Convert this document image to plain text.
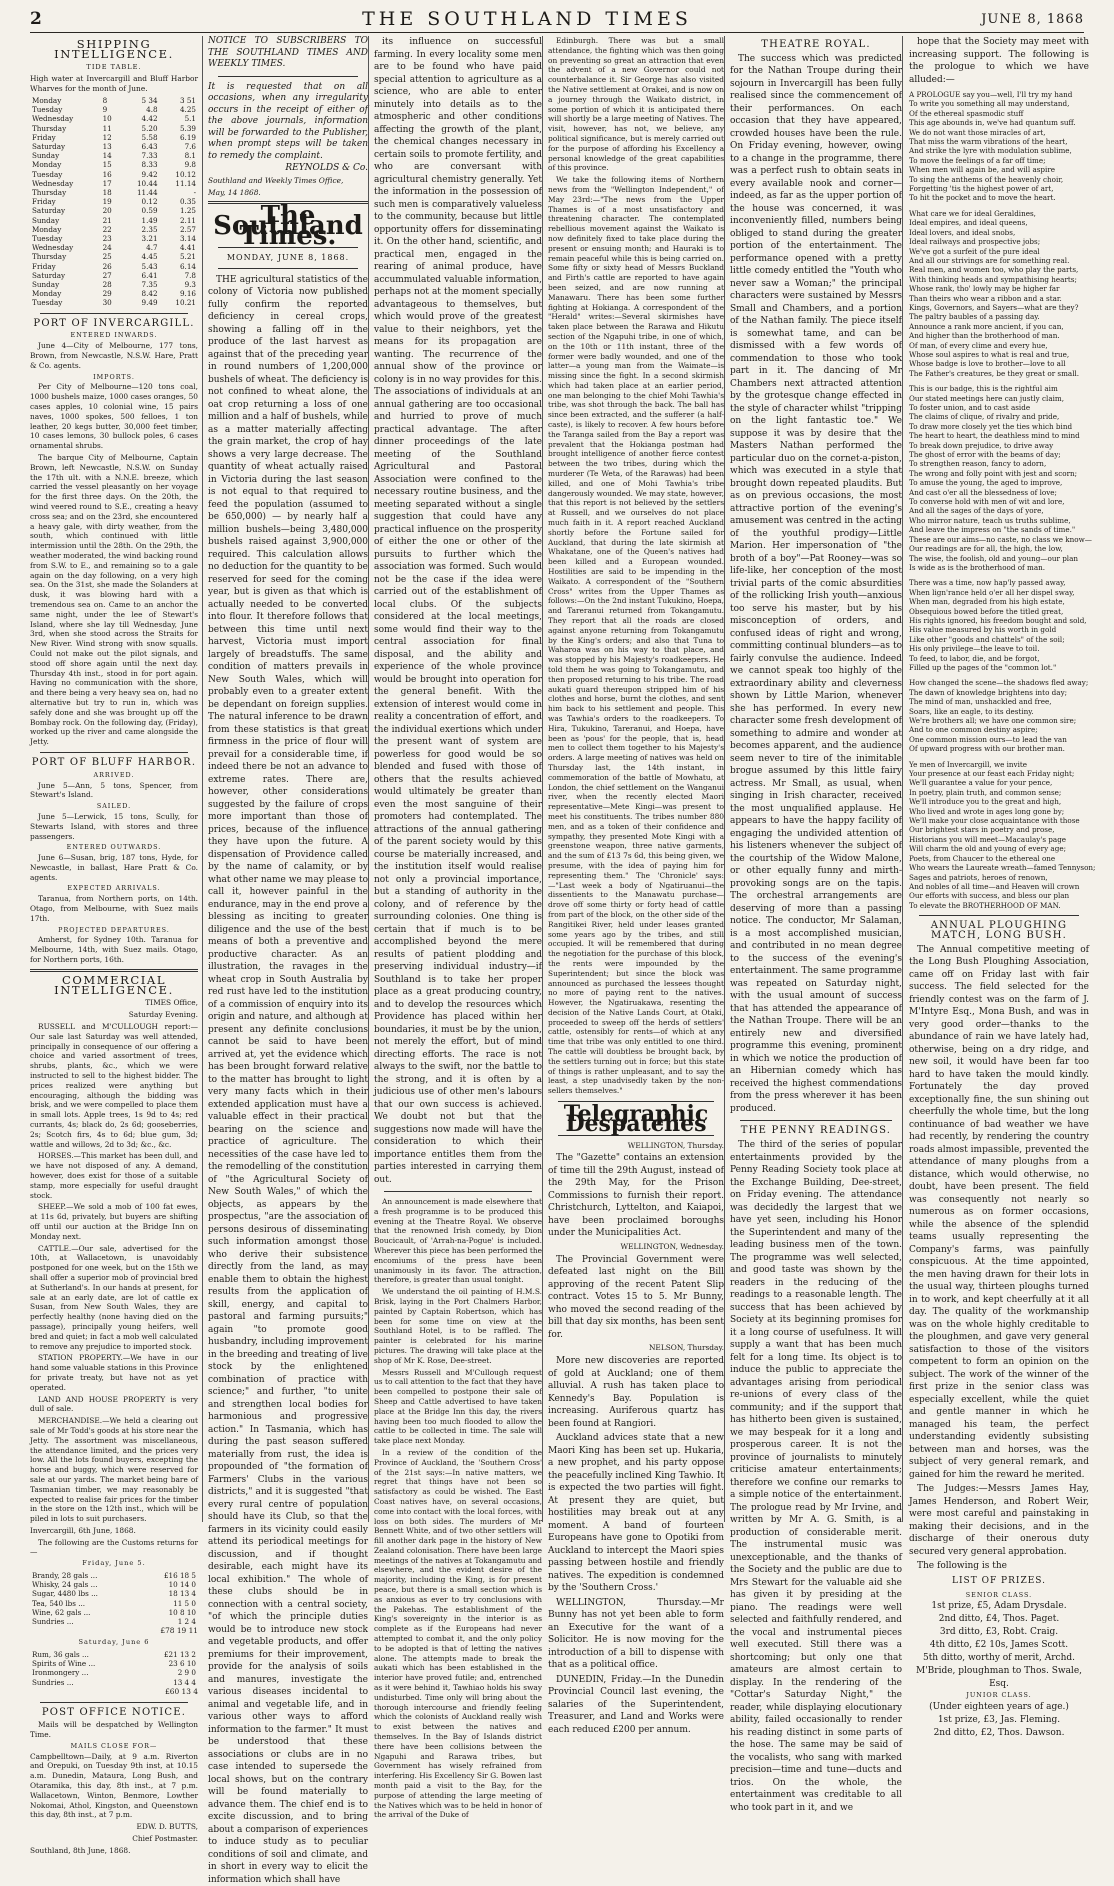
2	THE SOUTHLAND TIMES	JUNE 8, 1868
SHIPPING INTELLIGENCE.
TIDE TABLE.

High water at Invercargill and Bluff Harbor Wharves for the month of June.

Monday	8	5 34	3 51
Tuesday	9	4.8	4.25
Wednesday	10	4.42	5.1
Thursday	11	5.20	5.39
Friday	12	5.58	6.19
Saturday	13	6.43	7.6
Sunday	14	7.33	8.1
Monday	15	8.33	9.8
Tuesday	16	9.42	10.12
Wednesday	17	10.44	11.14
Thursday	18	11.44	-
Friday	19	0.12	0.35
Saturday	20	0.59	1.25
Sunday	21	1.49	2.11
Monday	22	2.35	2.57
Tuesday	23	3.21	3.14
Wednesday	24	4.7	4.41
Thursday	25	4.45	5.21
Friday	26	5.43	6.14
Saturday	27	6.41	7.8
Sunday	28	7.35	9.3
Monday	29	8.42	9.16
Tuesday	30	9.49	10.21
PORT OF INVERCARGILL.
ENTERED INWARDS.

June 4—City of Melbourne, 177 tons, Brown, from Newcastle, N.S.W. Hare, Pratt & Co. agents.

IMPORTS.

Per City of Melbourne—120 tons coal, 1000 bushels maize, 1000 cases oranges, 50 cases apples, 10 colonial wine, 15 pairs naves, 1000 spokes, 500 felloes, 1 ton leather, 20 kegs butter, 30,000 feet timber, 10 cases lemons, 30 bullock poles, 6 cases ornamental shrubs.

The barque City of Melbourne, Captain Brown, left Newcastle, N.S.W. on Sunday the 17th ult. with a N.N.E. breeze, which carried the vessel pleasantly on her voyage for the first three days. On the 20th, the wind veered round to S.E., creating a heavy cross sea; and on the 23rd, she encountered a heavy gale, with dirty weather, from the south, which continued with little intermission until the 28th. On the 29th, the weather moderated, the wind backing round from S.W. to E., and remaining so to a gale again on the day following, on a very high sea. On the 31st, she made the Solanders at dusk, it was blowing hard with a tremendous sea on. Came to an anchor the same night, under the lee of Stewart's Island, where she lay till Wednesday, June 3rd, when she stood across the Straits for New River. Wind strong with snow squalls. Could not make out the pilot signals, and stood off shore again until the next day. Thursday 4th inst., stood in for port again. Having no communication with the shore, and there being a very heavy sea on, had no alternative but try to run in, which was safely done and she was brought up off the Bombay rock. On the following day, (Friday), worked up the river and came alongside the Jetty.

PORT OF BLUFF HARBOR.
ARRIVED.

June 5—Ann, 5 tons, Spencer, from Stewart's Island.

SAILED.

June 5—Lerwick, 15 tons, Scully, for Stewarts Island, with stores and three passengers.

ENTERED OUTWARDS.

June 6—Susan, brig, 187 tons, Hyde, for Newcastle, in ballast, Hare Pratt & Co. agents.

EXPECTED ARRIVALS.

Taranua, from Northern ports, on 14th. Otago, from Melbourne, with Suez mails 17th.

PROJECTED DEPARTURES.

Amherst, for Sydney 10th. Taranua for Melbourne, 14th, with Suez mails. Otago, for Northern ports, 16th.

COMMERCIAL INTELLIGENCE.

TIMES Office,

Saturday Evening.

RUSSELL and M'CULLOUGH report:— Our sale last Saturday was well attended, principally in consequence of our offering a choice and varied assortment of trees, shrubs, plants, &c., which we were instructed to sell to the highest bidder. The prices realized were anything but encouraging, although the bidding was brisk, and we were compelled to place them in small lots. Apple trees, 1s 9d to 4s; red currants, 4s; black do, 2s 6d; gooseberries, 2s; Scotch firs, 4s to 6d; blue gum, 3d; wattle and willows, 2d to 3d; &c., &c.

HORSES.—This market has been dull, and we have not disposed of any. A demand, however, does exist for those of a suitable stamp, more especially for useful draught stock.

SHEEP.—We sold a mob of 100 fat ewes, at 11s 6d, privately, but buyers are shifting off until our auction at the Bridge Inn on Monday next.

CATTLE.—Our sale, advertised for the 10th, at Wallacetown, is unavoidably postponed for one week, but on the 15th we shall offer a superior mob of provincial bred at Sutherland's. In our hands at present, for sale at an early date, are lot of cattle ex Susan, from New South Wales, they are perfectly healthy (none having died on the passage), principally young heifers, well bred and quiet; in fact a mob well calculated to remove any prejudice to imported stock.

STATION PROPERTY.—We have in our hand some valuable stations in this Province for private treaty, but have not as yet operated.

LAND AND HOUSE PROPERTY is very dull of sale.

MERCHANDISE.—We held a clearing out sale of Mr Todd's goods at his store near the Jetty. The assortment was miscellaneous, the attendance limited, and the prices very low. All the lots found buyers, excepting the horse and buggy, which were reserved for sale at our yards. The market being bare of Tasmanian timber, we may reasonably be expected to realise fair prices for the timber in the store on the 12th inst., which will be piled in lots to suit purchasers.

Invercargill, 6th June, 1868.

The following are the Customs returns for—

Friday, June 5.
Brandy, 28 gals ...	£16 18 5
Whisky, 24 gals ...	10 14 0
Sugar, 4480 lbs ...	18 13 4
Tea, 540 lbs ...	11 5 0
Wine, 62 gals ...	10 8 10
Sundries ...	1 2 4

£78 19 11

Saturday, June 6
Rum, 36 gals ...	£21 13 2
Spirits of Wine ...	23 6 10
Ironmongery ...	2 9 0
Sundries ...	13 4 4

£60 13 4

POST OFFICE NOTICE.

Mails will be despatched by Wellington Time.

MAILS CLOSE FOR—

Campbelltown—Daily, at 9 a.m. Riverton and Orepuki, on Tuesday 9th inst, at 10.15 a.m. Dunedin, Mataura, Long Bush, and Otaramika, this day, 8th inst., at 7 p.m. Wallacetown, Winton, Benmore, Lowther Nokomai, Athol, Kingston, and Queenstown this day, 8th inst., at 7 p.m.

EDW. D. BUTTS,

Chief Postmaster.

Southland, 8th June, 1868.

NOTICE TO SUBSCRIBERS TO THE SOUTHLAND TIMES AND WEEKLY TIMES.

It is requested that on all occasions, when any irregularity occurs in the receipt of either of the above journals, information will be forwarded to the Publisher, when prompt steps will be taken to remedy the complaint.

REYNOLDS & Co.

Southland and Weekly Times Office,

May, 14 1868.

The Southland Times.
MONDAY, JUNE 8, 1868.

THE agricultural statistics of the colony of Victoria now published fully confirm the reported deficiency in cereal crops, showing a falling off in the produce of the last harvest as against that of the preceding year in round numbers of 1,200,000 bushels of wheat. The deficiency is not confined to wheat alone, the oat crop returning a loss of one million and a half of bushels, while as a matter materially affecting the grain market, the crop of hay shows a very large decrease. The quantity of wheat actually raised in Victoria during the last season is not equal to that required to feed the population (assumed to be 650,000) — by nearly half a million bushels—being 3,480,000 bushels raised against 3,900,000 required. This calculation allows no deduction for the quantity to be reserved for seed for the coming year, but is given as that which is actually needed to be converted into flour. It therefore follows that between this time until next harvest, Victoria must import largely of breadstuffs. The same condition of matters prevails in New South Wales, which will probably even to a greater extent be dependant on foreign supplies. The natural inference to be drawn from these statistics is that great firmness in the price of flour will prevail for a considerable time, if indeed there be not an advance to extreme rates. There are, however, other considerations suggested by the failure of crops more important than those of prices, because of the influence they have upon the future. A dispensation of Providence called by the name of calamity, or by what other name we may please to call it, however painful in the endurance, may in the end prove a blessing as inciting to greater diligence and the use of the best means of both a preventive and productive character. As an illustration, the ravages in the wheat crop in South Australia by red rust have led to the institution of a commission of enquiry into its origin and nature, and although at present any definite conclusions cannot be said to have been arrived at, yet the evidence which has been brought forward relative to the matter has brought to light very many facts which in their extended application must have a valuable effect in their practical bearing on the science and practice of agriculture. The necessities of the case have led to the remodelling of the constitution of "the Agricultural Society of New South Wales," of which the objects, as appears by the prospectus, "are the association of persons desirous of disseminating such information amongst those who derive their subsistence directly from the land, as may enable them to obtain the highest results from the application of skill, energy, and capital to pastoral and farming pursuits;" again "to promote good husbandry, including improvement in the breeding and treating of live stock by the enlightened combination of practice with science;" and further, "to unite and strengthen local bodies for harmonious and progressive action." In Tasmania, which has during the past season suffered materially from rust, the idea is propounded of "the formation of Farmers' Clubs in the various districts," and it is suggested "that every rural centre of population should have its Club, so that the farmers in its vicinity could easily attend its periodical meetings for discussion, and if thought desirable, each might have its local exhibition." The whole of these clubs should be in connection with a central society, "of which the principle duties would be to introduce new stock and vegetable products, and offer premiums for their improvement, provide for the analysis of soils and manures, investigate the various diseases incidental to animal and vegetable life, and in various other ways to afford information to the farmer." It must be understood that these associations or clubs are in no case intended to supersede the local shows, but on the contrary will be found materially to advance them. The chief end is to excite discussion, and to bring about a comparison of experiences to induce study as to peculiar conditions of soil and climate, and in short in every way to elicit the information which shall have

its influence on successful farming. In every locality some men are to be found who have paid special attention to agriculture as a science, who are able to enter minutely into details as to the atmospheric and other conditions affecting the growth of the plant, the chemical changes necessary in certain soils to promote fertility, and who are conversant with agricultural chemistry generally. Yet the information in the possession of such men is comparatively valueless to the community, because but little opportunity offers for disseminating it. On the other hand, scientific, and practical men, engaged in the rearing of animal produce, have accummulated valuable information, perhaps not at the moment specially advantageous to themselves, but which would prove of the greatest value to their neighbors, yet the means for its propagation are wanting. The recurrence of the annual show of the province or colony is in no way provides for this. The associations of individuals at an annual gathering are too occasional and hurried to prove of much practical advantage. The after dinner proceedings of the late meeting of the Southland Agricultural and Pastoral Association were confined to the necessary routine business, and the meeting separated without a single suggestion that could have any practical influence on the prosperity of either the one or other of the pursuits to further which the association was formed. Such would not be the case if the idea were carried out of the establishment of local clubs. Of the subjects considered at the local meetings, some would find their way to the central association for final disposal, and the ability and experience of the whole province would be brought into operation for the general benefit. With the extension of interest would come in reality a concentration of effort, and the individual exertions which under the present want of system are powerless for good would be so blended and fused with those of others that the results achieved would ultimately be greater than even the most sanguine of their promoters had contemplated. The attractions of the annual gathering of the parent society would by this course be materially increased, and the institution itself would realise not only a provincial importance, but a standing of authority in the colony, and of reference by the surrounding colonies. One thing is certain that if much is to be accomplished beyond the mere results of patient plodding and preserving individual industry—if Southland is to take her proper place as a great producing country, and to develop the resources which Providence has placed within her boundaries, it must be by the union, not merely the effort, but of mind directing efforts. The race is not always to the swift, nor the battle to the strong, and it is often by a judicious use of other men's labours that our own success is achieved. We doubt not but that the suggestions now made will have the consideration to which their importance entitles them from the parties interested in carrying them out.

An announcement is made elsewhere that a fresh programme is to be produced this evening at the Theatre Royal. We observe that the renowned Irish comedy, by Dion Boucicault, of 'Arrah-na-Pogue' is included. Wherever this piece has been performed the encomiums of the press have been unanimously in its favor. The attraction, therefore, is greater than usual tonight.

We understand the oil painting of H.M.S. Brisk, laying in the Port Chalmers Harbor, painted by Captain Robertson, which has been for some time on view at the Southland Hotel, is to be raffled. The painter is celebrated for his marine pictures. The drawing will take place at the shop of Mr K. Rose, Dee-street.

Messrs Russell and M'Cullough request us to call attention to the fact that they have been compelled to postpone their sale of Sheep and Cattle advertised to have taken place at the Bridge Inn this day, the rivers having been too much flooded to allow the cattle to be collected in time. The sale will take place next Monday.

In a review of the condition of the Province of Auckland, the 'Southern Cross' of the 21st says:—In native matters, we regret that things have not been so satisfactory as could be wished. The East Coast natives have, on several occasions, come into contact with the local forces, with loss on both sides. The murders of Mr Bennett White, and of two other settlers will fill another dark page in the history of New Zealand colonisation. There have been large meetings of the natives at Tokangamutu and elsewhere, and the evident desire of the majority, including the King, is for present peace, but there is a small section which is as anxious as ever to try conclusions with the Pakehas. The establishment of the King's sovereignty in the interior is as complete as if the Europeans had never attempted to combat it, and the only policy to be adopted is that of letting the natives alone. The attempts made to break the aukati which has been established in the interior have proved futile; and, entrenched as it were behind it, Tawhiao holds his sway undisturbed. Time only will bring about the thorough intercourse and friendly feeling which the colonists of Auckland really wish to exist between the natives and themselves. In the Bay of Islands district there have been collisions between the Ngapuhi and Rarawa tribes, but Government has wisely refrained from interfering. His Excellency Sir G. Bowen last month paid a visit to the Bay, for the purpose of attending the large meeting of the Natives which was to be held in honor of the arrival of the Duke of

Edinburgh. There was but a small attendance, the fighting which was then going on preventing so great an attraction that even the advent of a new Governor could not counterbalance it. Sir George has also visited the Native settlement at Orakei, and is now on a journey through the Waikato district, in some portion of which it is anticipated there will shortly be a large meeting of Natives. The visit, however, has not, we believe, any political significance, but is merely carried out for the purpose of affording his Excellency a personal knowledge of the great capabilities of this province.

We take the following items of Northern news from the "Wellington Independent," of May 23rd:—"The news from the Upper Thames is of a most unsatisfactory and threatening character. The contemplated rebellious movement against the Waikato is now definitely fixed to take place during the present or ensuing month; and Hauraki is to remain peaceful while this is being carried on. Some fifty or sixty head of Messrs Buckland and Firth's cattle are reported to have again been seized, and are now running at Manawaru. There has been some further fighting at Hokianga. A correspondent of the "Herald" writes:—Several skirmishes have taken place between the Rarawa and Hikutu section of the Ngapuhi tribe, in one of which, on the 10th or 11th instant, three of the former were badly wounded, and one of the latter—a young man from the Waimate—is missing since the fight. In a second skirmish which had taken place at an earlier period, one man belonging to the chief Mohi Tawhia's tribe, was shot through the back. The ball has since been extracted, and the sufferer (a half-caste), is likely to recover. A few hours before the Taranga sailed from the Bay a report was prevalent that the Hokianga postman had brought intelligence of another fierce contest between the two tribes, during which the murderer (Te Weta, of the Rarawas) had been killed, and one of Mohi Tawhia's tribe dangerously wounded. We may state, however, that this report is not believed by the settlers at Russell, and we ourselves do not place much faith in it. A report reached Auckland shortly before the Fortune sailed for Auckland, that during the late skirmish at Whakatane, one of the Queen's natives had been killed and a European wounded. Hostilities are said to be impending in the Waikato. A correspondent of the "Southern Cross" writes from the Upper Thames as follows:—On the 2nd instant Tukukino, Hoepa, and Tareranui returned from Tokangamutu. They report that all the roads are closed against anyone returning from Tokangamutu by the King's orders; and also that Tuna to Waharoa was on his way to that place, and was stopped by his Majesty's roadkeepers. He told them he was going to Tokangamutu, and then proposed returning to his tribe. The road aukati guard thereupon stripped him of his clothes and horse, burnt the clothes, and sent him back to his settlement and people. This was Tawhia's orders to the roadkeepers. To Hira, Tukukino, Tareranui, and Hoepa, have been as 'pous' for the people, that is, head men to collect them together to his Majesty's orders. A large meeting of natives was held on Thursday last, the 14th instant, in commemoration of the battle of Mowhatu, at London, the chief settlement on the Wanganui river, when the recently elected Maori representative—Mete Kingi—was present to meet his constituents. The tribes number 880 men, and as a token of their confidence and sympathy, they presented Mote Kingi with a greenstone weapon, three native garments, and the sum of £13 7s 6d, this being given, we presume, with the idea of paying him for representing them." The 'Chronicle' says:—"Last week a body of Ngatiruanui—the dissentients to the Manawatu purchase—drove off some thirty or forty head of cattle from part of the block, on the other side of the Rangitikei River, held under leases granted some years ago by the tribes, and still occupied. It will be remembered that during the negotiation for the purchase of this block, the rents were impounded by the Superintendent; but since the block was announced as purchased the lessees thought no more of paying rent to the natives. However, the Ngatiruakawa, resenting the decision of the Native Lands Court, at Otaki, proceeded to sweep off the herds of settlers' cattle, ostensibly for rents—of which at any time that tribe was only entitled to one third. The cattle will doubtless be brought back, by the settlers turning out in force; but this state of things is rather unpleasant, and to say the least, a step unadvisedly taken by the non-sellers themselves."

Telegraphic Despatches

WELLINGTON, Thursday.

The "Gazette" contains an extension of time till the 29th August, instead of the 29th May, for the Prison Commissions to furnish their report. Christchurch, Lyttelton, and Kaiapoi, have been proclaimed boroughs under the Municipalities Act.

WELLINGTON, Wednesday.

The Provincial Government were defeated last night on the Bill approving of the recent Patent Slip contract. Votes 15 to 5. Mr Bunny, who moved the second reading of the bill that day six months, has been sent for.

NELSON, Thursday.

More new discoveries are reported of gold at Auckland; one of them alluvial. A rush has taken place to Kennedy's Bay. Population is increasing. Auriferous quartz has been found at Rangiori.

Auckland advices state that a new Maori King has been set up. Hukaria, a new prophet, and his party oppose the peacefully inclined King Tawhio. It is expected the two parties will fight. At present they are quiet, but hostilities may break out at any moment. A band of fourteen Europeans have gone to Opotiki from Auckland to intercept the Maori spies passing between hostile and friendly natives. The expedition is condemned by the 'Southern Cross.'

WELLINGTON, Thursday.—Mr Bunny has not yet been able to form an Executive for the want of a Solicitor. He is now moving for the introduction of a bill to dispense with that as a political office.

DUNEDIN, Friday.—In the Dunedin Provincial Council last evening, the salaries of the Superintendent, Treasurer, and Land and Works were each reduced £200 per annum.

THEATRE ROYAL.

The success which was predicted for the Nathan Troupe during their sojourn in Invercargill has been fully realised since the commencement of their performances. On each occasion that they have appeared, crowded houses have been the rule. On Friday evening, however, owing to a change in the programme, there was a perfect rush to obtain seats in every available nook and corner—indeed, as far as the upper portion of the house was concerned, it was inconveniently filled, numbers being obliged to stand during the greater portion of the entertainment. The performance opened with a pretty little comedy entitled the "Youth who never saw a Woman;" the principal characters were sustained by Messrs Small and Chambers, and a portion of the Nathan family. The piece itself is somewhat tame, and can be dismissed with a few words of commendation to those who took part in it. The dancing of Mr Chambers next attracted attention by the grotesque change effected in the style of character whilst "tripping on the light fantastic toe." We suppose it was by desire that the Masters Nathan performed the particular duo on the cornet-a-piston, which was executed in a style that brought down repeated plaudits. But as on previous occasions, the most attractive portion of the evening's amusement was centred in the acting of the youthful prodigy—Little Marion. Her impersonation of "the broth of a boy"—Pat Rooney—was so life-like, her conception of the most trivial parts of the comic absurdities of the rollicking Irish youth—anxious too serve his master, but by his misconception of orders, and confused ideas of right and wrong, committing continual blunders—as to fairly convulse the audience. Indeed we cannot speak too highly of the extraordinary ability and cleverness shown by Little Marion, whenever she has performed. In every new character some fresh development of something to admire and wonder at becomes apparent, and the audience seem never to tire of the inimitable brogue assumed by this little fairy actress. Mr Small, as usual, when singing in Irish character, received the most unqualified applause. He appears to have the happy facility of engaging the undivided attention of his listeners whenever the subject of the courtship of the Widow Malone, or other equally funny and mirth-provoking songs are on the tapis. The orchestral arrangements are deserving of more than a passing notice. The conductor, Mr Salaman, is a most accomplished musician, and contributed in no mean degree to the success of the evening's entertainment. The same programme was repeated on Saturday night, with the usual amount of success that has attended the appearance of the Nathan Troupe. There will be an entirely new and diversified programme this evening, prominent in which we notice the production of an Hibernian comedy which has received the highest commendations from the press wherever it has been produced.

THE PENNY READINGS.

The third of the series of popular entertainments provided by the Penny Reading Society took place at the Exchange Building, Dee-street, on Friday evening. The attendance was decidedly the largest that we have yet seen, including his Honor the Superintendent and many of the leading business men of the town. The programme was well selected, and good taste was shown by the readers in the reducing of the readings to a reasonable length. The success that has been achieved by Society at its beginning promises for it a long course of usefulness. It will supply a want that has been much felt for a long time. Its object is to induce the public to appreciate the advantages arising from periodical re-unions of every class of the community; and if the support that has hitherto been given is sustained, we may bespeak for it a long and prosperous career. It is not the province of journalists to minutely criticise amateur entertainments; therefore we confine our remarks to a simple notice of the entertainment. The prologue read by Mr Irvine, and written by Mr A. G. Smith, is a production of considerable merit. The instrumental music was unexceptionable, and the thanks of the Society and the public are due to Mrs Stewart for the valuable aid she has given it by presiding at the piano. The readings were well selected and faithfully rendered, and the vocal and instrumental pieces well executed. Still there was a shortcoming; but only one that amateurs are almost certain to display. In the rendering of the "Cottar's Saturday Night," the reader, while displaying elocutionary ability, failed occasionally to render his reading distinct in some parts of the hose. The same may be said of the vocalists, who sang with marked precision—time and tune—ducts and trios. On the whole, the entertainment was creditable to all who took part in it, and we

hope that the Society may meet with increasing support. The following is the prologue to which we have alluded:—

A PROLOGUE say you—well, I'll try my hand
To write you something all may understand,
Of the ethereal spasmodic stuff
This age abounds in, we've had quantum suff.
We do not want those miracles of art,
That miss the warm vibrations of the heart,
And strike the lyre with modulation sublime,
To move the feelings of a far off time;
When men will again be, and will aspire
To sing the anthems of the heavenly choir,
Forgetting 'tis the highest power of art,
To hit the pocket and to move the heart.
What care we for ideal Geraldines,
Ideal empires, and ideal queens,
Ideal lovers, and ideal snobs,
Ideal railways and prospective jobs;
We've got a surfeit of the pure ideal
And all our strivings are for something real.
Real men, and women too, who play the parts,
With thinking heads and sympathising hearts;
Whose rank, tho' lowly may be higher far
Than theirs who wear a ribbon and a star.
Kings, Governors, and Sayers—what are they?
The paltry baubles of a passing day.
Announce a rank more ancient, if you can,
And higher than the brotherhood of man.
Of man, of every clime and every hue,
Whose soul aspires to what is real and true,
Whose badge is love to brother—love to all
The Father's creatures, be they great or small.
This is our badge, this is the rightful aim
Our stated meetings here can justly claim,
To foster union, and to cast aside
The claims of clique, of rivalry and pride,
To draw more closely yet the ties which bind
The heart to heart, the deathless mind to mind
To break down prejudice, to drive away
The ghost of error with the beams of day;
To strengthen reason, fancy to adorn,
The wrong and folly point with jest and scorn;
To amuse the young, the aged to improve,
And cast o'er all the blessedness of love;
To converse hold with men of wit and lore,
And all the sages of the days of yore,
Who mirror nature, teach us truths sublime,
And leave the impress on "the sands of time."
These are our aims—no caste, no class we know—
Our readings are for all, the high, the low,
The wise, the foolish, old and young—our plan
Is wide as is the brotherhood of man.
There was a time, now hap'ly passed away,
When lign'rance held o'er all her dispel sway,
When man, degraded from his high estate,
Obsequious bowed before the titled great,
His rights ignored, his freedom bought and sold,
His value measured by his worth in gold
Like other "goods and chattels" of the soil;
His only privilege—the leave to toil.
To feed, to labor, die, and be forgot,
Filled up the pages of the "common lot."
How changed the scene—the shadows fled away;
The dawn of knowledge brightens into day;
The mind of man, unshackled and free,
Soars, like an eagle, to its destiny.
We're brothers all; we have one common sire;
And to one common destiny aspire;
One common mission ours—to lead the van
Of upward progress with our brother man.
Ye men of Invercargill, we invite
Your presence at our feast each Friday night;
We'll guarantee a value for your pence,
In poetry, plain truth, and common sense;
We'll introduce you to the great and high,
Who lived and wrote in ages long gone by;
We'll make your close acquaintance with those
Our brightest stars in poetry and prose,
Historians you will meet—Macaulay's page
Will charm the old and young of every age;
Poets, from Chaucer to the ethereal one
Who wears the Laureate wreath—famed Tennyson;
Sages and patriots, heroes of renown,
And nobles of all time—and Heaven will crown
Our efforts with success, and bless our plan
To elevate the BROTHERHOOD OF MAN.
ANNUAL PLOUGHING MATCH, LONG BUSH.

The Annual competitive meeting of the Long Bush Ploughing Association, came off on Friday last with fair success. The field selected for the friendly contest was on the farm of J. M'Intyre Esq., Mona Bush, and was in very good order—thanks to the abundance of rain we have lately had, otherwise, being on a dry ridge, and new soil, it would have been far too hard to have taken the mould kindly. Fortunately the day proved exceptionally fine, the sun shining out cheerfully the whole time, but the long continuance of bad weather we have had recently, by rendering the country roads almost impassible, prevented the attendance of many ploughs from a distance, which would otherwise, no doubt, have been present. The field was consequently not nearly so numerous as on former occasions, while the absence of the splendid teams usually representing the Company's farms, was painfully conspicuous. At the time appointed, the men having drawn for their lots in the usual way, thirteen ploughs turned in to work, and kept cheerfully at it all day. The quality of the workmanship was on the whole highly creditable to the ploughmen, and gave very general satisfaction to those of the visitors competent to form an opinion on the subject. The work of the winner of the first prize in the senior class was especially excellent, while the quiet and gentle manner in which he managed his team, the perfect understanding evidently subsisting between man and horses, was the subject of very general remark, and gained for him the reward he merited.

The Judges:—Messrs James Hay, James Henderson, and Robert Weir, were most careful and painstaking in making their decisions, and in the discharge of their onerous duty secured very general approbation.

The following is the

LIST OF PRIZES.
SENIOR CLASS.
1st prize, £5, Adam Drysdale.
2nd ditto, £4, Thos. Paget.
3rd ditto, £3, Robt. Craig.
4th ditto, £2 10s, James Scott.
5th ditto, worthy of merit, Archd. M'Bride, ploughman to Thos. Swale, Esq.
JUNIOR CLASS.
(Under eighteen years of age.)
1st prize, £3, Jas. Fleming.
2nd ditto, £2, Thos. Dawson.
